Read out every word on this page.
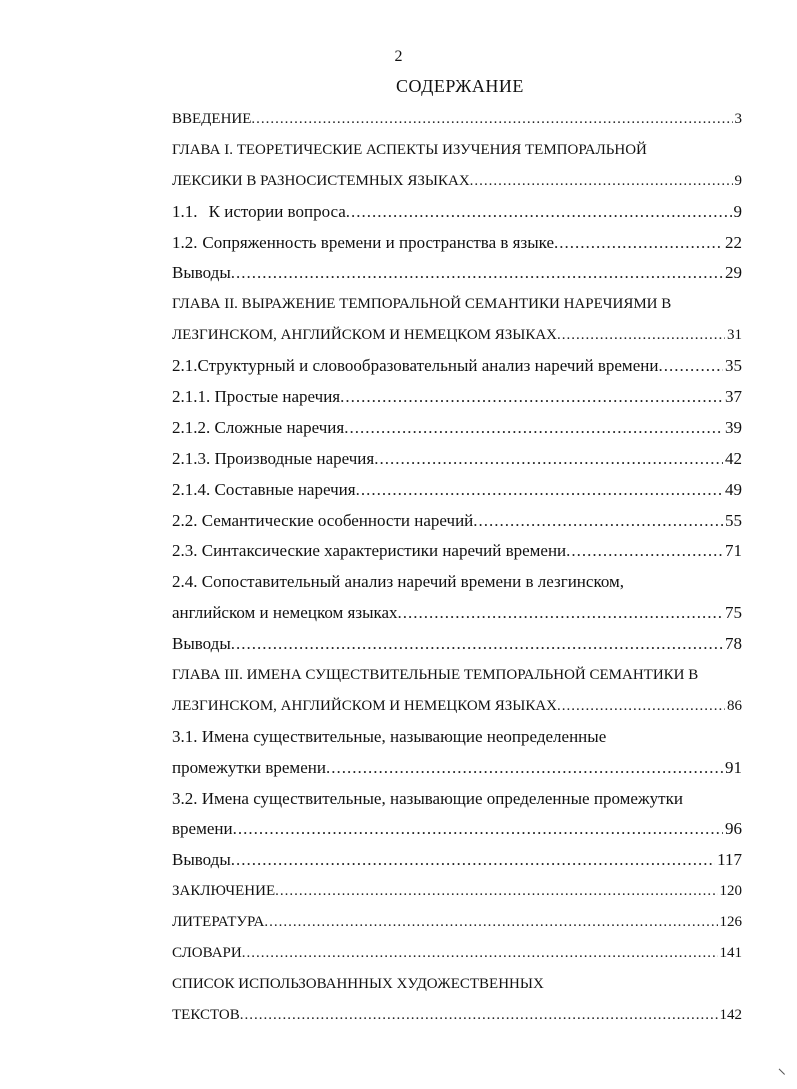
2
СОДЕРЖАНИЕ
ВВЕДЕНИЕ .....	3
ГЛАВА I. ТЕОРЕТИЧЕСКИЕ АСПЕКТЫ ИЗУЧЕНИЯ ТЕМПОРАЛЬНОЙ
ЛЕКСИКИ В РАЗНОСИСТЕМНЫХ ЯЗЫКАХ .....	9
1.1. К истории вопроса .....	9
1.2. Сопряженность времени и пространства в языке .....	22
Выводы .....	29
ГЛАВА II. ВЫРАЖЕНИЕ ТЕМПОРАЛЬНОЙ СЕМАНТИКИ НАРЕЧИЯМИ В
ЛЕЗГИНСКОМ, АНГЛИЙСКОМ И НЕМЕЦКОМ ЯЗЫКАХ .....	31
2.1.Структурный и словообразовательный анализ наречий времени .....	35
2.1.1. Простые наречия .....	37
2.1.2. Сложные наречия .....	39
2.1.3. Производные наречия .....	42
2.1.4. Составные наречия .....	49
2.2. Семантические особенности наречий .....	55
2.3. Синтаксические характеристики наречий времени .....	71
2.4. Сопоставительный анализ наречий времени в лезгинском,
английском и немецком языках .....	75
Выводы .....	78
ГЛАВА III. ИМЕНА СУЩЕСТВИТЕЛЬНЫЕ ТЕМПОРАЛЬНОЙ СЕМАНТИКИ В
ЛЕЗГИНСКОМ, АНГЛИЙСКОМ И НЕМЕЦКОМ ЯЗЫКАХ .....	86
3.1. Имена существительные, называющие неопределенные
промежутки времени .....	91
3.2. Имена существительные, называющие определенные промежутки
времени .....	96
Выводы .....	117
ЗАКЛЮЧЕНИЕ .....	120
ЛИТЕРАТУРА .....	126
СЛОВАРИ .....	141
СПИСОК ИСПОЛЬЗОВАНННЫХ ХУДОЖЕСТВЕННЫХ
ТЕКСТОВ .....	142
